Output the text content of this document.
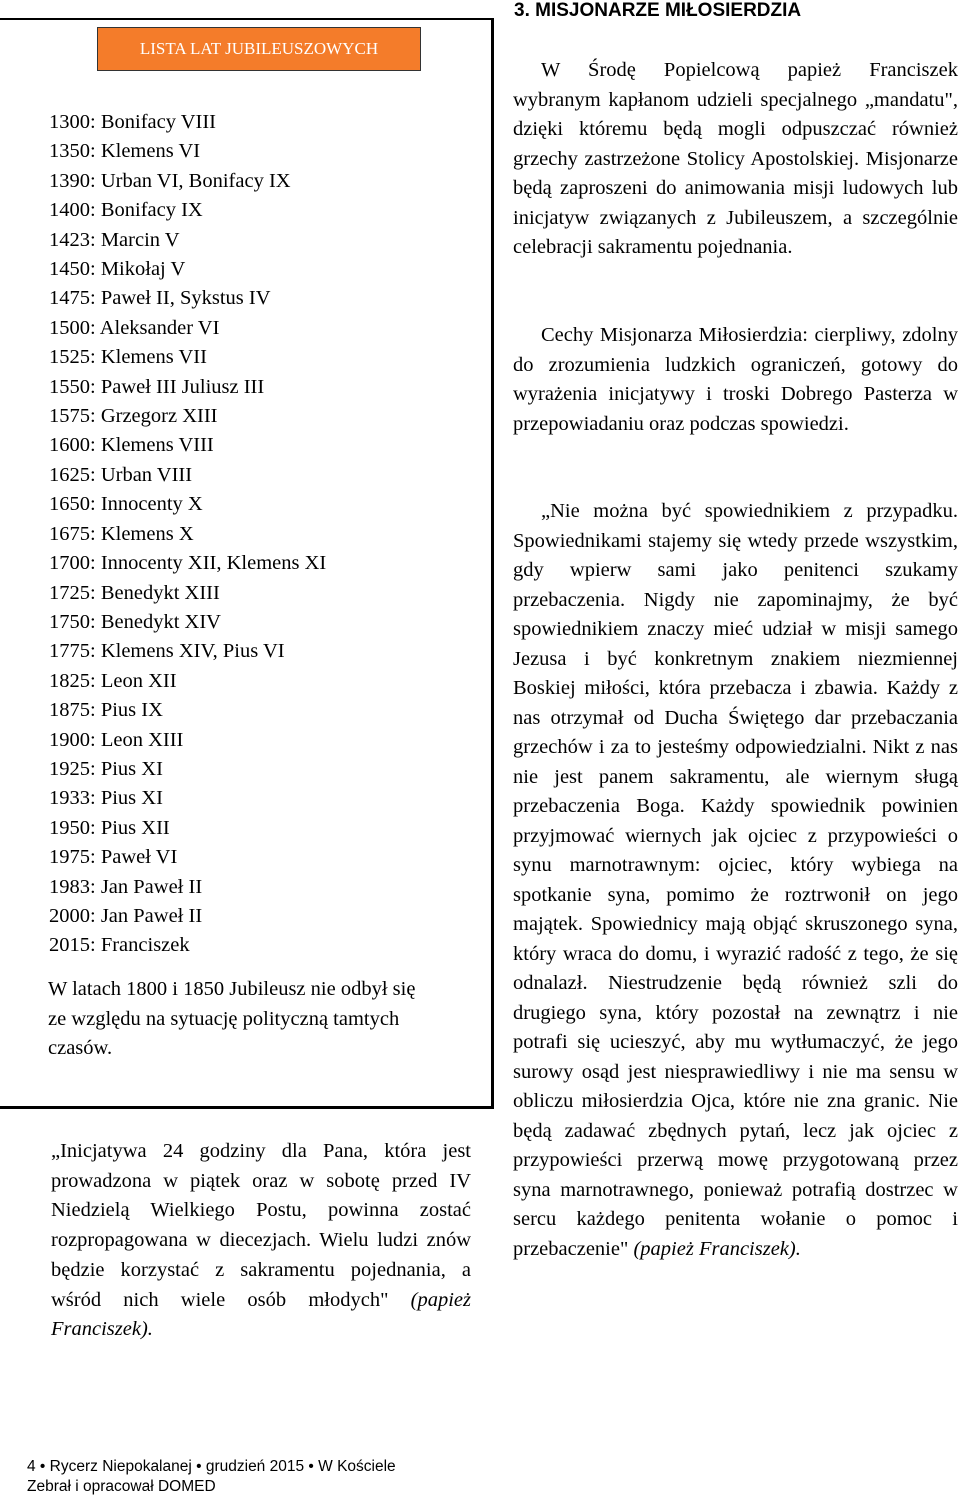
LISTA LAT JUBILEUSZOWYCH
1300: Bonifacy VIII
1350: Klemens VI
1390: Urban VI, Bonifacy IX
1400: Bonifacy IX
1423: Marcin V
1450: Mikołaj V
1475: Paweł II, Sykstus IV
1500: Aleksander VI
1525: Klemens VII
1550: Paweł III Juliusz III
1575: Grzegorz XIII
1600: Klemens VIII
1625: Urban VIII
1650: Innocenty X
1675: Klemens X
1700: Innocenty XII, Klemens XI
1725: Benedykt XIII
1750: Benedykt XIV
1775: Klemens XIV, Pius VI
1825: Leon XII
1875: Pius IX
1900: Leon XIII
1925: Pius XI
1933: Pius XI
1950: Pius XII
1975: Paweł VI
1983: Jan Paweł II
2000: Jan Paweł II
2015: Franciszek
W latach 1800 i 1850 Jubileusz nie odbył się ze względu na sytuację polityczną tamtych czasów.
„Inicjatywa 24 godziny dla Pana, która jest prowadzona w piątek oraz w sobotę przed IV Niedzielą Wielkiego Postu, powinna zostać rozpropagowana w diecezjach. Wielu ludzi znów będzie korzystać z sakramentu pojednania, a wśród nich wiele osób młodych" (papież Franciszek).
3. MISJONARZE MIŁOSIERDZIA

W Środę Popielcową papież Franciszek wybranym kapłanom udzieli specjalnego „mandatu", dzięki któremu będą mogli odpuszczać również grzechy zastrzeżone Stolicy Apostolskiej. Misjonarze będą zaproszeni do animowania misji ludowych lub inicjatyw związanych z Jubileuszem, a szczególnie celebracji sakramentu pojednania.

Cechy Misjonarza Miłosierdzia: cierpliwy, zdolny do zrozumienia ludzkich ograniczeń, gotowy do wyrażenia inicjatywy i troski Dobrego Pasterza w przepowiadaniu oraz podczas spowiedzi.

„Nie można być spowiednikiem z przypadku. Spowiednikami stajemy się wtedy przede wszystkim, gdy wpierw sami jako penitenci szukamy przebaczenia. Nigdy nie zapominajmy, że być spowiednikiem znaczy mieć udział w misji samego Jezusa i być konkretnym znakiem niezmiennej Boskiej miłości, która przebacza i zbawia. Każdy z nas otrzymał od Ducha Świętego dar przebaczania grzechów i za to jesteśmy odpowiedzialni. Nikt z nas nie jest panem sakramentu, ale wiernym sługą przebaczenia Boga. Każdy spowiednik powinien przyjmować wiernych jak ojciec z przypowieści o synu marnotrawnym: ojciec, który wybiega na spotkanie syna, pomimo że roztrwonił on jego majątek. Spowiednicy mają objąć skruszonego syna, który wraca do domu, i wyrazić radość z tego, że się odnalazł. Niestrudzenie będą również szli do drugiego syna, który pozostał na zewnątrz i nie potrafi się ucieszyć, aby mu wytłumaczyć, że jego surowy osąd jest niesprawiedliwy i nie ma sensu w obliczu miłosierdzia Ojca, które nie zna granic. Nie będą zadawać zbędnych pytań, lecz jak ojciec z przypowieści przerwą mowę przygotowaną przez syna marnotrawnego, ponieważ potrafią dostrzec w sercu każdego penitenta wołanie o pomoc i przebaczenie" (papież Franciszek).

4 • Rycerz Niepokalanej • grudzień 2015 • W Kościele
Zebrał i opracował DOMED
